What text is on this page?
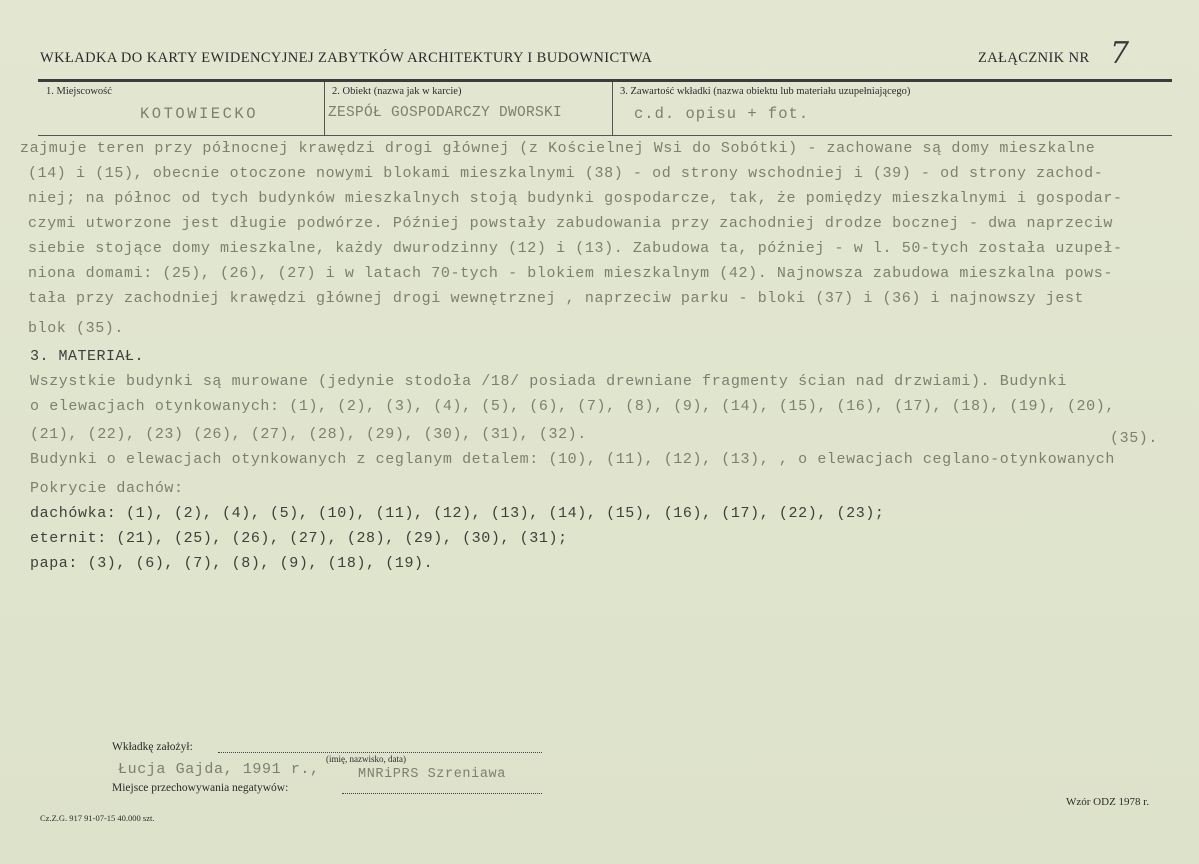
WKŁADKA DO KARTY EWIDENCYJNEJ ZABYTKÓW ARCHITEKTURY I BUDOWNICTWA	ZAŁĄCZNIK NR 7
1. Miejscowość
KOTOWIECKO
2. Obiekt (nazwa jak w karcie)
ZESPÓŁ GOSPODARCZY DWORSKI
3. Zawartość wkładki (nazwa obiektu lub materiału uzupełniającego)
c.d. opisu + fot.
zajmuje teren przy północnej krawędzi drogi głównej (z Kościelnej Wsi do Sobótki) - zachowane są domy mieszkalne
(14) i (15), obecnie otoczone nowymi blokami mieszkalnymi (38) - od strony wschodniej i (39) - od strony zachod-
niej; na północ od tych budynków mieszkalnych stoją budynki gospodarcze, tak, że pomiędzy mieszkalnymi i gospodar-
czymi utworzone jest długie podwórze. Później powstały zabudowania przy zachodniej drodze bocznej - dwa naprzeciw
siebie stojące domy mieszkalne, każdy dwurodzinny (12) i (13). Zabudowa ta, później - w l. 50-tych została uzupeł-
niona domami: (25), (26), (27) i w latach 70-tych - blokiem mieszkalnym (42). Najnowsza zabudowa mieszkalna pows-
tała przy zachodniej krawędzi głównej drogi wewnętrznej , naprzeciw parku - bloki (37) i (36) i najnowszy jest
blok (35).
3. MATERIAŁ.
Wszystkie budynki są murowane (jedynie stodoła /18/ posiada drewniane fragmenty ścian nad drzwiami). Budynki
o elewacjach otynkowanych: (1), (2), (3), (4), (5), (6), (7), (8), (9), (14), (15), (16), (17), (18), (19), (20),
(21), (22), (23) (26), (27), (28), (29), (30), (31), (32).	(35).
Budynki o elewacjach otynkowanych z ceglanym detalem: (10), (11), (12), (13), , o elewacjach ceglano-otynkowanych
Pokrycie dachów:
dachówka: (1), (2), (4), (5), (10), (11), (12), (13), (14), (15), (16), (17), (22), (23);
eternit: (21), (25), (26), (27), (28), (29), (30), (31);
papa: (3), (6), (7), (8), (9), (18), (19).
Wkładkę założył:
(imię, nazwisko, data)
Łucja Gajda, 1991 r.,	MNRiPRS Szreniawa
Miejsce przechowywania negatywów:
Cz.Z.G. 917 91-07-15 40.000 szt.
Wzór ODZ 1978 r.
